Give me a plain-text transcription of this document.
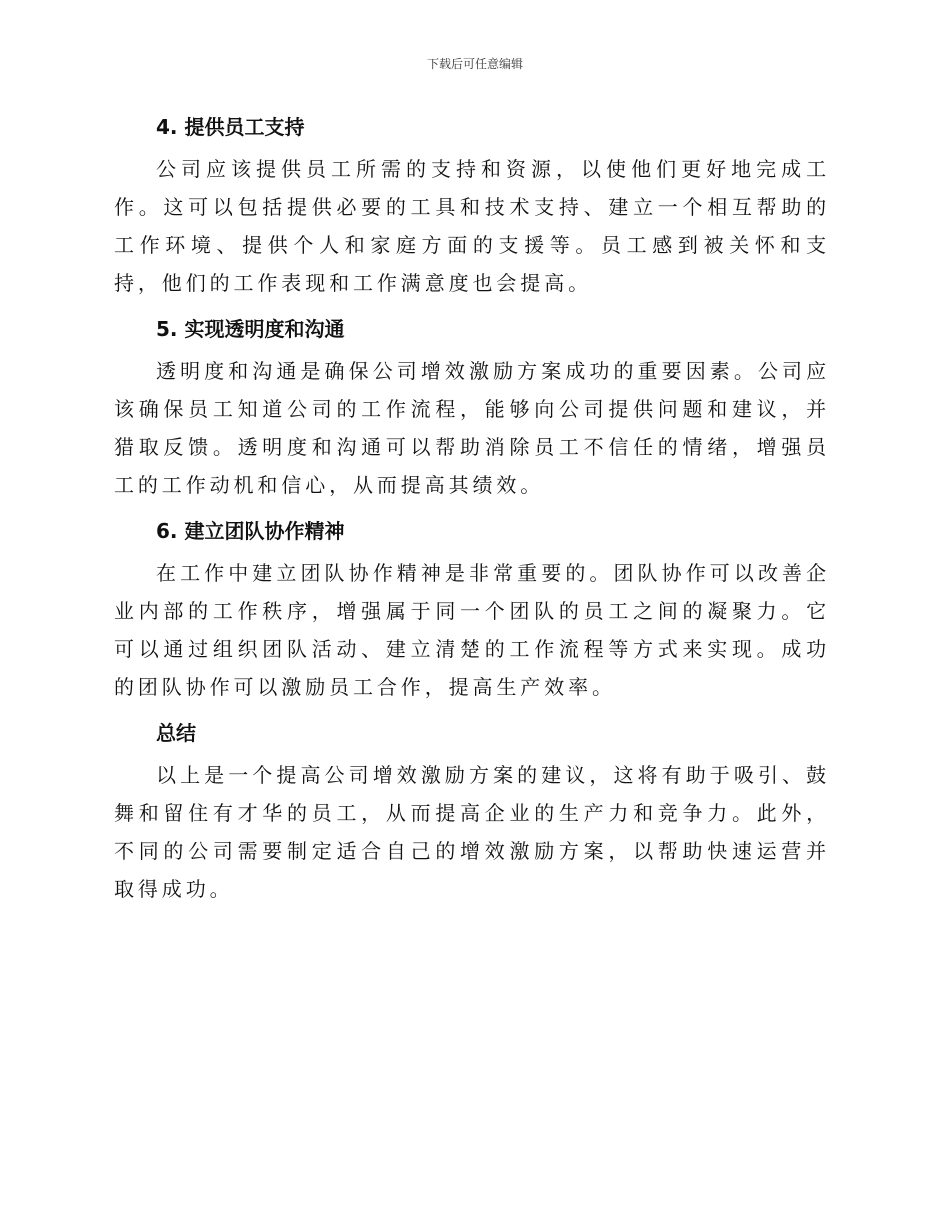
下载后可任意编辑
4. 提供员工支持

公司应该提供员工所需的支持和资源，以使他们更好地完成工作。这可以包括提供必要的工具和技术支持、建立一个相互帮助的工作环境、提供个人和家庭方面的支援等。员工感到被关怀和支持，他们的工作表现和工作满意度也会提高。

5. 实现透明度和沟通

透明度和沟通是确保公司增效激励方案成功的重要因素。公司应该确保员工知道公司的工作流程，能够向公司提供问题和建议，并猎取反馈。透明度和沟通可以帮助消除员工不信任的情绪，增强员工的工作动机和信心，从而提高其绩效。

6. 建立团队协作精神

在工作中建立团队协作精神是非常重要的。团队协作可以改善企业内部的工作秩序，增强属于同一个团队的员工之间的凝聚力。它可以通过组织团队活动、建立清楚的工作流程等方式来实现。成功的团队协作可以激励员工合作，提高生产效率。

总结

以上是一个提高公司增效激励方案的建议，这将有助于吸引、鼓舞和留住有才华的员工，从而提高企业的生产力和竞争力。此外，不同的公司需要制定适合自己的增效激励方案，以帮助快速运营并取得成功。
